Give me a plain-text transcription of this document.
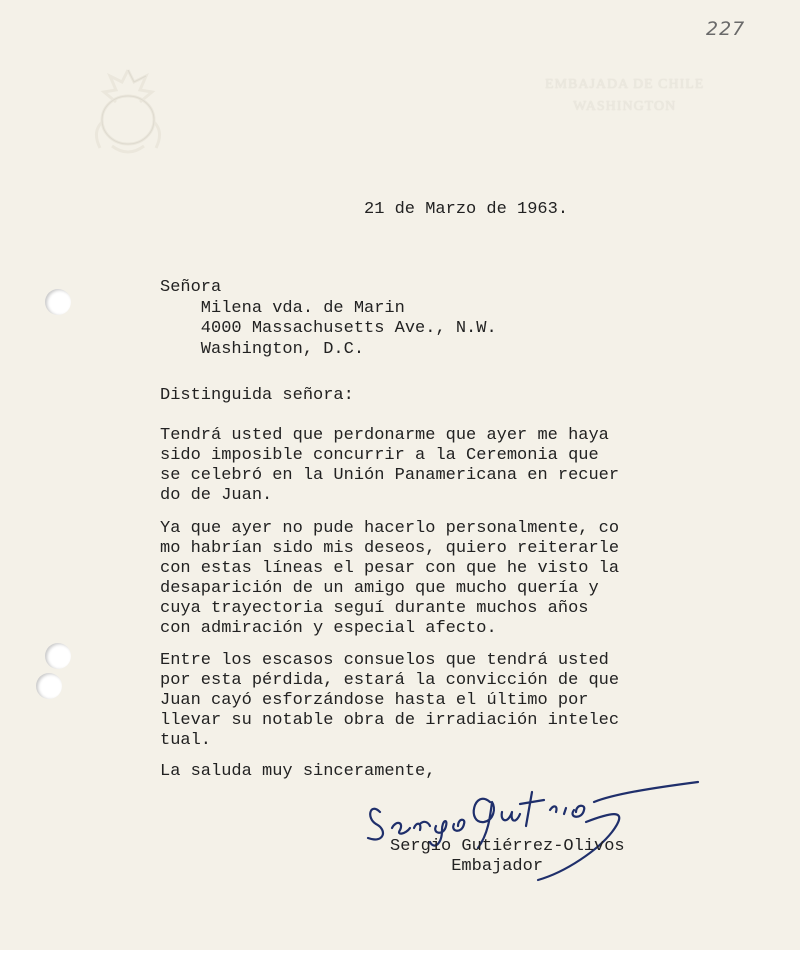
227
EMBAJADA DE CHILE
WASHINGTON
21 de Marzo de 1963.
Señora
Milena vda. de Marin
4000 Massachusetts Ave., N.W.
Washington, D.C.
Distinguida señora:
Tendrá usted que perdonarme que ayer me haya
sido imposible concurrir a la Ceremonia que
se celebró en la Unión Panamericana en recuer
do de Juan.
Ya que ayer no pude hacerlo personalmente, co
mo habrían sido mis deseos, quiero reiterarle
con estas líneas el pesar con que he visto la
desaparición de un amigo que mucho quería y
cuya trayectoria seguí durante muchos años
con admiración y especial afecto.
Entre los escasos consuelos que tendrá usted
por esta pérdida, estará la convicción de que
Juan cayó esforzándose hasta el último por
llevar su notable obra de irradiación intelec
tual.
La saluda muy sinceramente,
Sergio Gutiérrez-Olivos
Embajador
